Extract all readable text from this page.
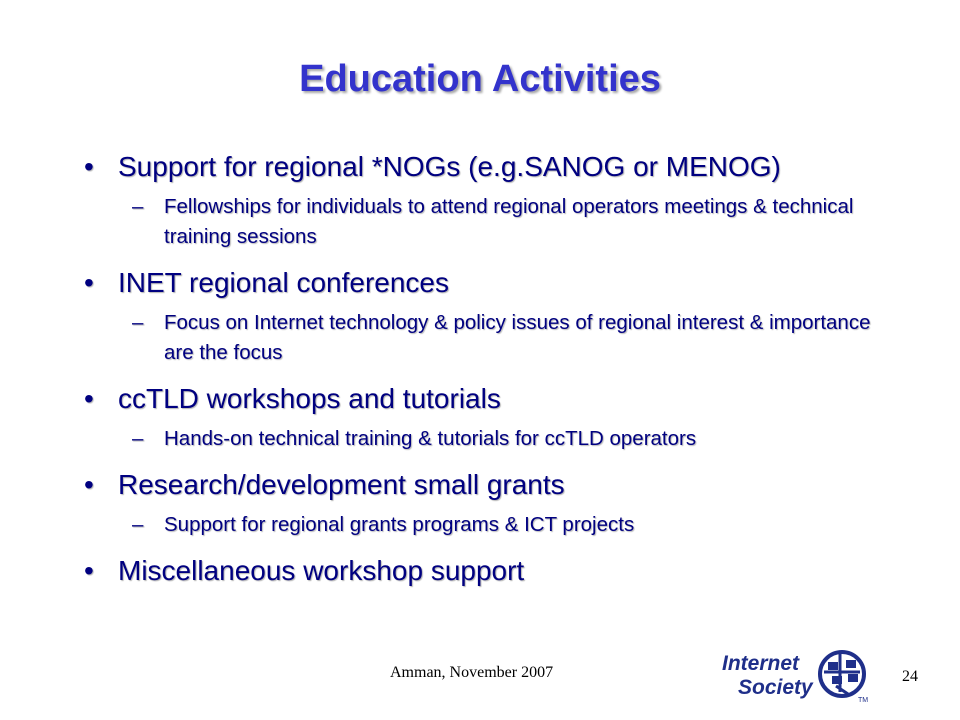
Education Activities
• Support for regional *NOGs (e.g.SANOG or MENOG)
– Fellowships for individuals to attend regional operators meetings & technical training sessions
• INET regional conferences
– Focus on Internet technology & policy issues of regional interest & importance are the focus
• ccTLD workshops and tutorials
– Hands-on technical training & tutorials for ccTLD operators
• Research/development small grants
– Support for regional grants programs & ICT projects
• Miscellaneous workshop support
Amman, November 2007	24
Internet
Society
TM
